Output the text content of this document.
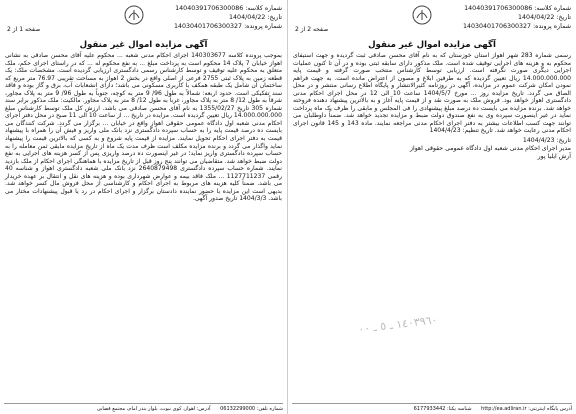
شماره کلاسه: 14040391706300086
تاریخ: 1404/04/22
شماره پرونده: 14030401706300327
صفحه 1 از 2
آگهی مزایده اموال غیر منقول

بموجب پرونده کلاسه 140303677 اجرای احکام مدنی شعبه ... محکوم علیه آقای محسن صادقی به نشانی اهواز خیابان 7 پلاک 14 محکوم است به پرداخت مبلغ ... به نفع محکوم له ... که در راستای اجرای حکم، ملک متعلق به محکوم علیه توقیف و توسط کارشناس رسمی دادگستری ارزیابی گردیده است. مشخصات ملک: یک قطعه زمین به پلاک ثبتی 2755 فرعی از اصلی واقع در بخش 2 اهواز به مساحت تقریبی 76.97 متر مربع که ساختمان آن شامل یک طبقه همکف با کاربری مسکونی می باشد؛ دارای انشعابات آب، برق و گاز بوده و فاقد سند تفکیکی است. حدود اربعه: شمالاً به طول 96/ 9 متر به کوچه، جنوباً به طول 96/ 9 متر به پلاک مجاور، شرقاً به طول 12/ 8 متر به پلاک مجاور، غرباً به طول 12/ 8 متر به پلاک مجاور. مالکیت: ملک مذکور برابر سند شماره 305 تاریخ 1355/02/27 به نام آقای محسن صادقی می باشد. ارزش کل ملک توسط کارشناس مبلغ 14.000.000.000 ریال تعیین گردیده است. مزایده در تاریخ ... از ساعت 10 الی 11 صبح در محل دفتر اجرای احکام مدنی شعبه اول دادگاه عمومی حقوقی اهواز واقع در خیابان ... برگزار می گردد. شرکت کنندگان می بایست ده درصد قیمت پایه را به حساب سپرده دادگستری نزد بانک ملی واریز و فیش آن را همراه با پیشنهاد قیمت به دفتر اجرای احکام تحویل نمایند. مزایده از قیمت پایه شروع و به کسی که بالاترین قیمت را پیشنهاد نماید واگذار می گردد و برنده مزایده مکلف است ظرف مدت یک ماه از تاریخ مزایده مابقی ثمن معامله را به حساب سپرده دادگستری واریز نماید؛ در غیر اینصورت ده درصد واریزی پس از کسر هزینه های اجرایی به نفع دولت ضبط خواهد شد. متقاضیان می توانند پنج روز قبل از تاریخ مزایده با هماهنگی اجرای احکام از ملک بازدید نمایند. شماره حساب سپرده دادگستری 2640879498 نزد بانک ملی شعبه دادگستری اهواز و شناسه 40 رقمی 1127711237 ... ملک فاقد بیمه و عوارض شهرداری بوده و هزینه های نقل و انتقال بر عهده خریدار می باشد. ضمناً کلیه هزینه های مربوط به اجرای احکام و کارشناسی از محل فروش مال کسر خواهد شد. بدیهی است این مزایده با حضور نماینده دادستان برگزار و اجرای احکام در رد یا قبول پیشنهادات مختار می باشد. 1404/3/3 تاریخ صدور آگهی.

شماره تلفن: 06132299000 آدرس: اهواز، کوی نبوت، بلوار بندر امام، مجتمع قضایی
شماره کلاسه: 14040391706300086
تاریخ: 1404/04/22
شماره پرونده: 14030401706300327
صفحه 2 از 2
آگهی مزایده اموال غیر منقول

رسمی شماره 283 شهر اهواز استان خوزستان که به نام آقای محسن صادقی ثبت گردیده و جهت استیفای محکوم به و هزینه های اجرایی توقیف شده است. ملک مذکور دارای سابقه ثبتی بوده و در آن تا کنون عملیات اجرایی دیگری صورت نگرفته است. ارزیابی توسط کارشناس منتخب صورت گرفته و قیمت پایه 14.000.000.000 ریال تعیین گردیده که به طرفین ابلاغ و مصون از اعتراض مانده است. به جهت فراهم نمودن امکان شرکت عموم در مزایده، آگهی در روزنامه کثیرالانتشار و پایگاه اطلاع رسانی منتشر و در محل الصاق می گردد. تاریخ مزایده روز ... مورخ 1404/5/7 ساعت 10 الی 12 در محل اجرای احکام مدنی دادگستری اهواز خواهد بود. فروش ملک به صورت نقد و از قیمت پایه آغاز و به بالاترین پیشنهاد دهنده فروخته خواهد شد. برنده مزایده می بایست ده درصد مبلغ پیشنهادی را فی المجلس و مابقی را ظرف یک ماه پرداخت نماید در غیر اینصورت سپرده وی به نفع صندوق دولت ضبط و مزایده تجدید خواهد شد. ضمناً داوطلبان می توانند جهت کسب اطلاعات بیشتر به دفتر اجرای احکام مدنی مراجعه نمایند. ماده 143 و 145 قانون اجرای احکام مدنی رعایت خواهد شد. تاریخ تنظیم: 1404/4/23

تاریخ: 1404/4/23
مدیر اجرای احکام مدنی شعبه اول دادگاه عمومی حقوقی اهواز
آرش ایلیا پور
١٤٠٣٩٦٠ ـ ٥ ـ ٠٠
آدرس پایگاه اینترنتی: http://ea.adliran.ir شناسه یکتا: 6177933442
